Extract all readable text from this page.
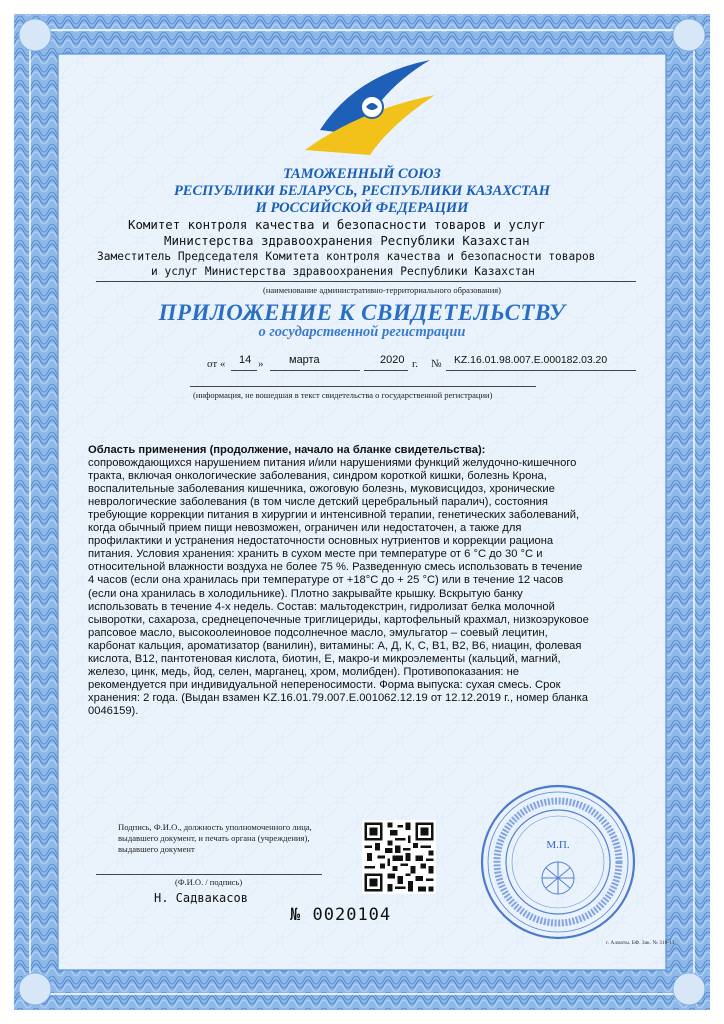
ТАМОЖЕННЫЙ СОЮЗ
РЕСПУБЛИКИ БЕЛАРУСЬ, РЕСПУБЛИКИ КАЗАХСТАН
И РОССИЙСКОЙ ФЕДЕРАЦИИ
Комитет контроля качества и безопасности товаров и услуг
Министерства здравоохранения Республики Казахстан
Заместитель Председателя Комитета контроля качества и безопасности товаров
и услуг Министерства здравоохранения Республики Казахстан
(наименование административно-территориального образования)
ПРИЛОЖЕНИЕ К СВИДЕТЕЛЬСТВУ
о государственной регистрации
от « 14 » марта	2020 г. № KZ.16.01.98.007.E.000182.03.20
(информация, не вошедшая в текст свидетельства о государственной регистрации)
Область применения (продолжение, начало на бланке свидетельства):
сопровождающихся нарушением питания и/или нарушениями функций желудочно-кишечного
тракта, включая онкологические заболевания, синдром короткой кишки, болезнь Крона,
воспалительные заболевания кишечника, ожоговую болезнь, муковисцидоз, хронические
неврологические заболевания (в том числе детский церебральный паралич), состояния
требующие коррекции питания в хирургии и интенсивной терапии, генетических заболеваний,
когда обычный прием пищи невозможен, ограничен или недостаточен, а также для
профилактики и устранения недостаточности основных нутриентов и коррекции рациона
питания. Условия хранения: хранить в сухом месте при температуре от 6 °С до 30 °С и
относительной влажности воздуха не более 75 %. Разведенную смесь использовать в течение
4 часов (если она хранилась при температуре от +18°С до + 25 °С) или в течение 12 часов
(если она хранилась в холодильнике). Плотно закрывайте крышку. Вскрытую банку
использовать в течение 4-х недель. Состав: мальтодекстрин, гидролизат белка молочной
сыворотки, сахароза, среднецепочечные триглицериды, картофельный крахмал, низкоэруковое
рапсовое масло, высокоолеиновое подсолнечное масло, эмульгатор – соевый лецитин,
карбонат кальция, ароматизатор (ванилин), витамины: А, Д, К, С, В1, В2, В6, ниацин, фолевая
кислота, В12, пантотеновая кислота, биотин, Е, макро-и микроэлементы (кальций, магний,
железо, цинк, медь, йод, селен, марганец, хром, молибден). Противопоказания: не
рекомендуется при индивидуальной непереносимости. Форма выпуска: сухая смесь. Срок
хранения: 2 года. (Выдан взамен KZ.16.01.79.007.E.001062.12.19 от 12.12.2019 г., номер бланка
0046159).
Подпись, Ф.И.О., должность уполномоченного лица,
выдавшего документ, и печать органа (учреждения),
выдавшего документ
(Ф.И.О. / подпись)
Н. Садвакасов
М.П.
№ 0020104
г. Алматы. БФ. Зак. № 318-11.
